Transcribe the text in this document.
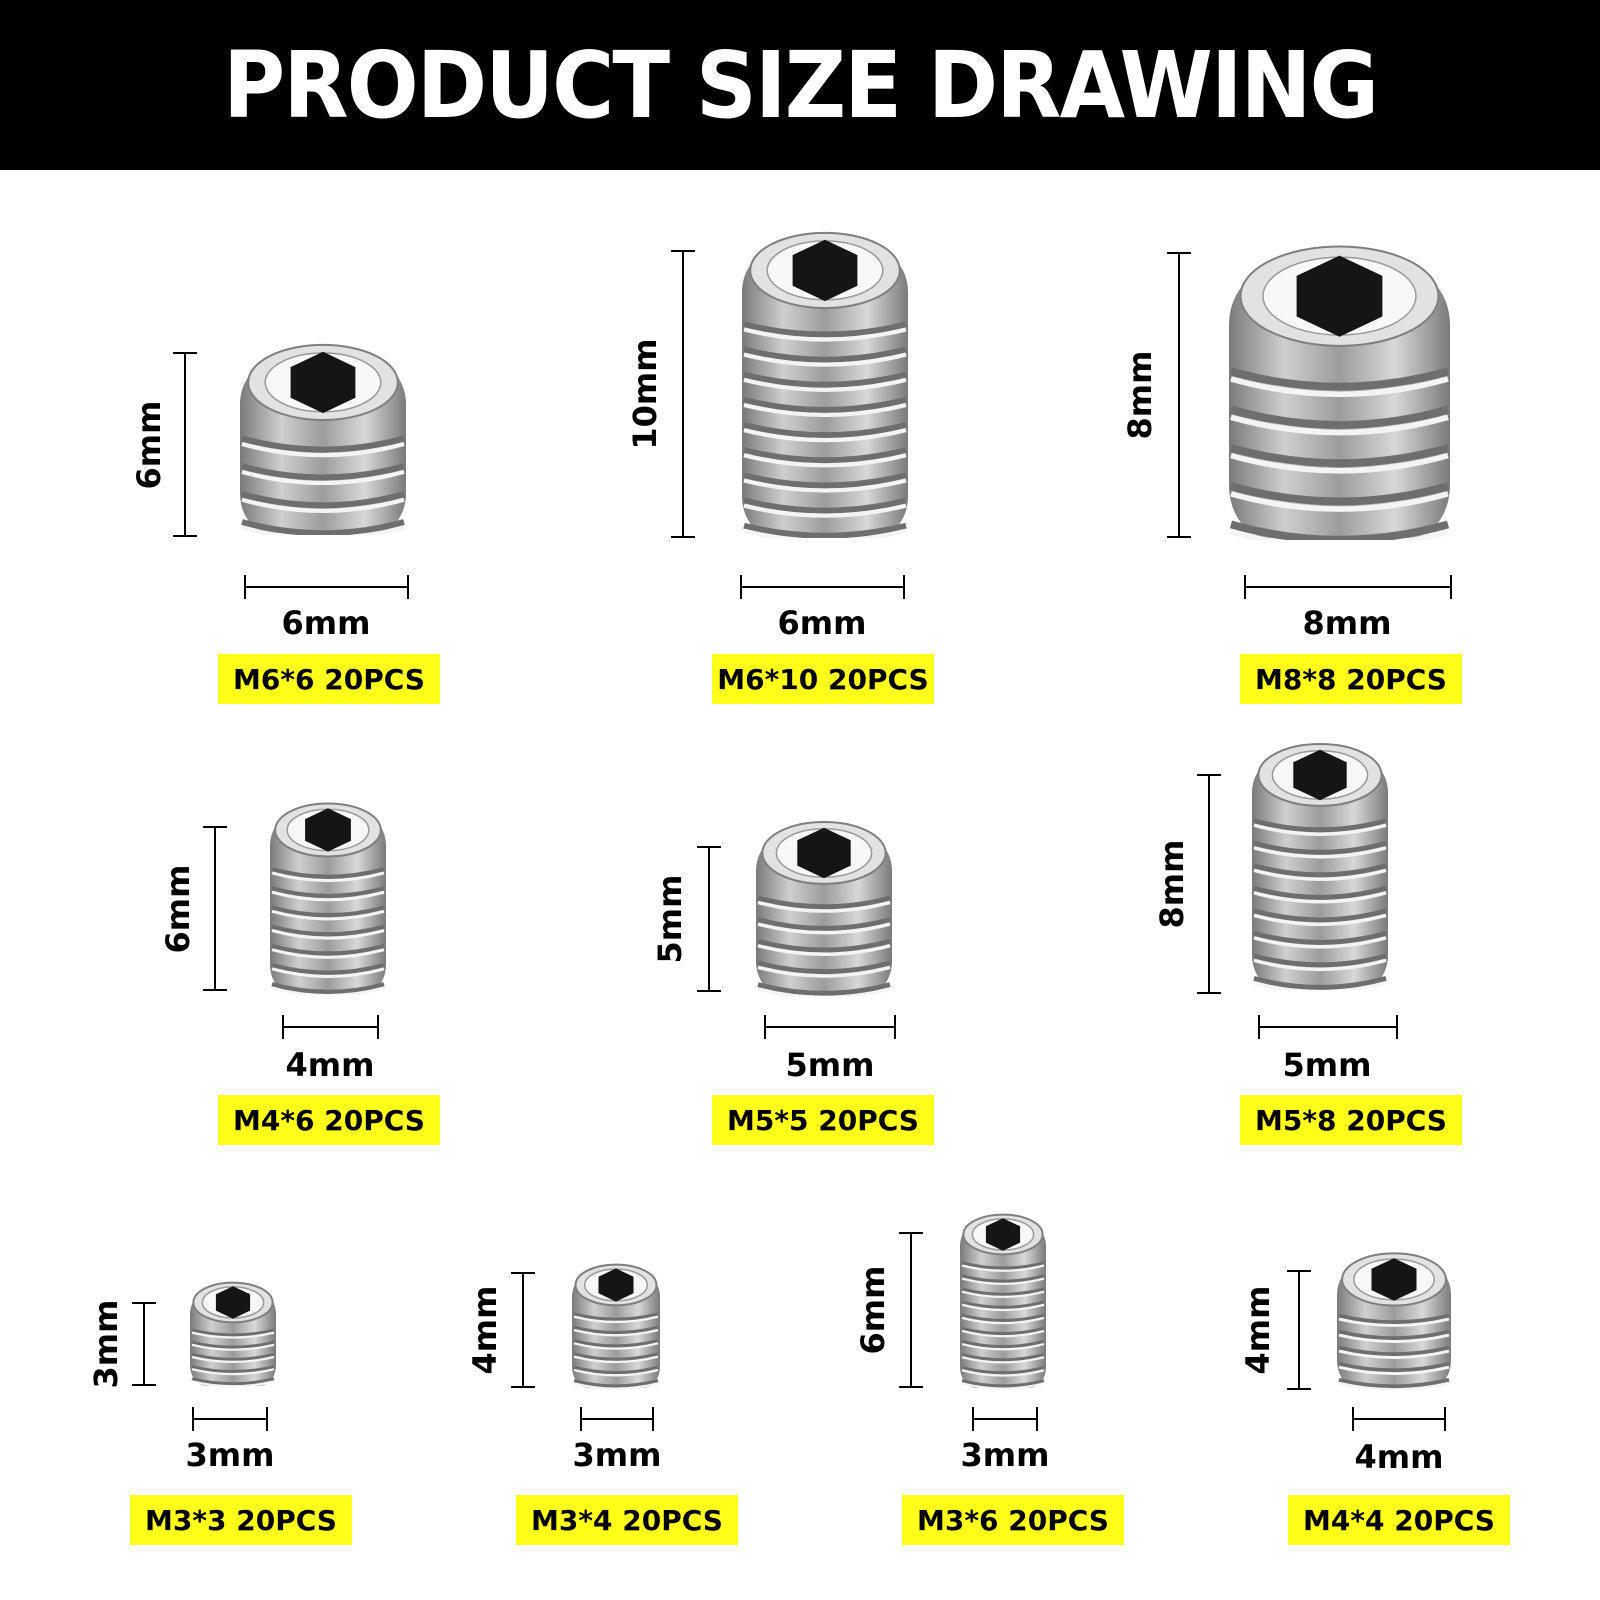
PRODUCT SIZE DRAWING
6mm
6mm
M6*6 20PCS
10mm
6mm
M6*10 20PCS
8mm
8mm
M8*8 20PCS
6mm
4mm
M4*6 20PCS
5mm
5mm
M5*5 20PCS
8mm
5mm
M5*8 20PCS
3mm
3mm
M3*3 20PCS
4mm
3mm
M3*4 20PCS
6mm
3mm
M3*6 20PCS
4mm
4mm
M4*4 20PCS
